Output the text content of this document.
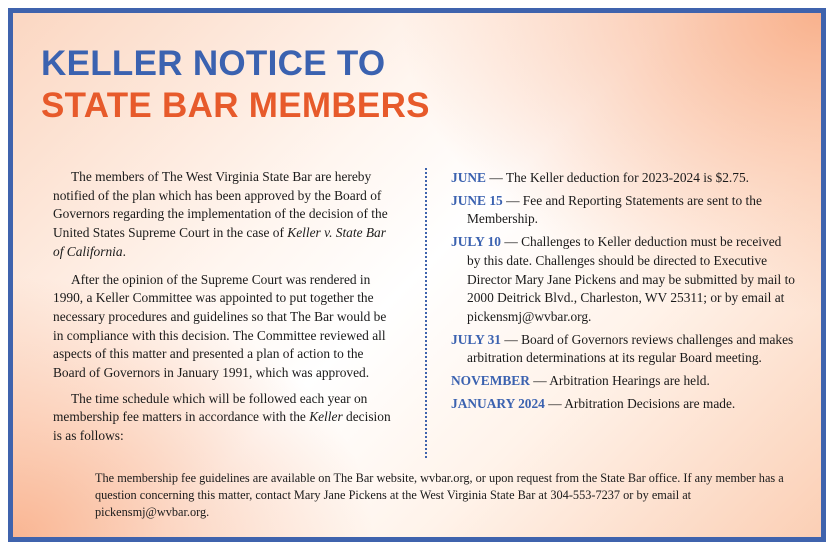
KELLER NOTICE TO
STATE BAR MEMBERS

The members of The West Virginia State Bar are hereby notified of the plan which has been approved by the Board of Governors regarding the implementation of the decision of the United States Supreme Court in the case of Keller v. State Bar of California.

After the opinion of the Supreme Court was rendered in 1990, a Keller Committee was appointed to put together the necessary procedures and guidelines so that The Bar would be in compliance with this decision. The Committee reviewed all aspects of this matter and presented a plan of action to the Board of Governors in January 1991, which was approved.

The time schedule which will be followed each year on membership fee matters in accordance with the Keller decision is as follows:

JUNE — The Keller deduction for 2023-2024 is $2.75.

JUNE 15 — Fee and Reporting Statements are sent to the Membership.

JULY 10 — Challenges to Keller deduction must be received by this date. Challenges should be directed to Executive Director Mary Jane Pickens and may be submitted by mail to 2000 Deitrick Blvd., Charleston, WV 25311; or by email at pickensmj@wvbar.org.

JULY 31 — Board of Governors reviews challenges and makes arbitration determinations at its regular Board meeting.

NOVEMBER — Arbitration Hearings are held.

JANUARY 2024 — Arbitration Decisions are made.

The membership fee guidelines are available on The Bar website, wvbar.org, or upon request from the State Bar office. If any member has a question concerning this matter, contact Mary Jane Pickens at the West Virginia State Bar at 304-553-7237 or by email at pickensmj@wvbar.org.
